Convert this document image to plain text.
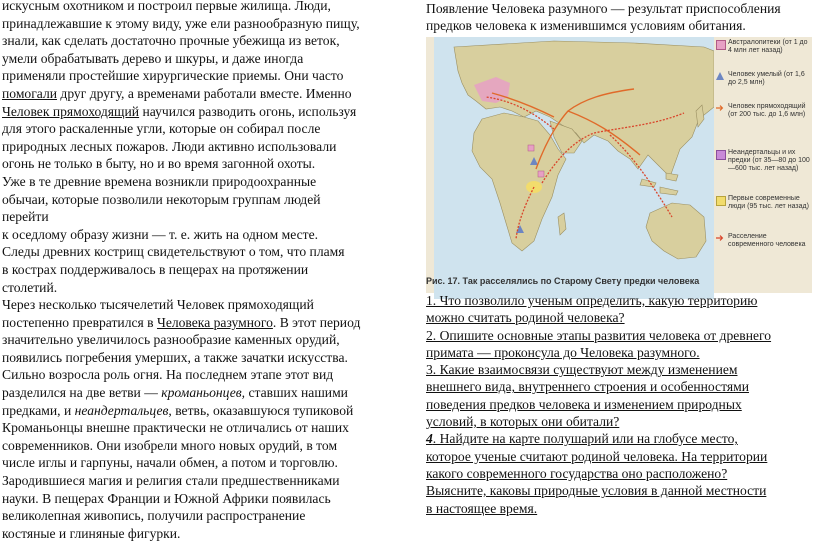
искусным охотником и построил первые жилища. Люди,

принадлежавшие к этому виду, уже ели разнообразную пищу,

знали, как сделать достаточно прочные убежища из веток,

умели обрабатывать дерево и шкуры, и даже иногда

применяли простейшие хирургические приемы. Они часто

помогали друг другу, а временами работали вместе. Именно

Человек прямоходящий научился разводить огонь, используя

для этого раскаленные угли, которые он собирал после

природных лесных пожаров. Люди активно использовали

огонь не только в быту, но и во время загонной охоты.

Уже в те древние времена возникли природоохранные

обычаи, которые позволили некоторым группам людей

перейти

к оседлому образу жизни — т. е. жить на одном месте.

Следы древних кострищ свидетельствуют о том, что пламя

в кострах поддерживалось в пещерах на протяжении

столетий.

Через несколько тысячелетий Человек прямоходящий

постепенно превратился в Человека разумного. В этот период

значительно увеличилось разнообразие каменных орудий,

появились погребения умерших, а также зачатки искусства.

Сильно возросла роль огня. На последнем этапе этот вид

разделился на две ветви — кроманьонцев, ставших нашими

предками, и неандертальцев, ветвь, оказавшуюся тупиковой

Кроманьонцы внешне практически не отличались от наших

современников. Они изобрели много новых орудий, в том

числе иглы и гарпуны, начали обмен, а потом и торговлю.

Зародившиеся магия и религия стали предшественниками

науки. В пещерах Франции и Южной Африки появилась

великолепная живопись, получили распространение

костяные и глиняные фигурки.

Появление Человека разумного — результат приспособления

предков человека к изменившимся условиям обитания.

Австралопитеки (от 1 до 4 млн лет назад)
Человек умелый (от 1,6 до 2,5 млн)
Человек прямоходящий (от 200 тыс. до 1,6 млн)
Неандертальцы и их предки (от 35—80 до 100—600 тыс. лет назад)
Первые современные люди (95 тыс. лет назад)
Расселение современного человека
Рис. 17. Так расселялись по Старому Свету предки человека

1. Что позволило ученым определить, какую территорию

можно считать родиной человека?

2. Опишите основные этапы развития человека от древнего

примата — проконсула до Человека разумного.

3. Какие взаимосвязи существуют между изменением

внешнего вида, внутреннего строения и особенностями

поведения предков человека и изменением природных

условий, в которых они обитали?

4. Найдите на карте полушарий или на глобусе место,

которое ученые считают родиной человека. На территории

какого современного государства оно расположено?

Выясните, каковы природные условия в данной местности

в настоящее время.
